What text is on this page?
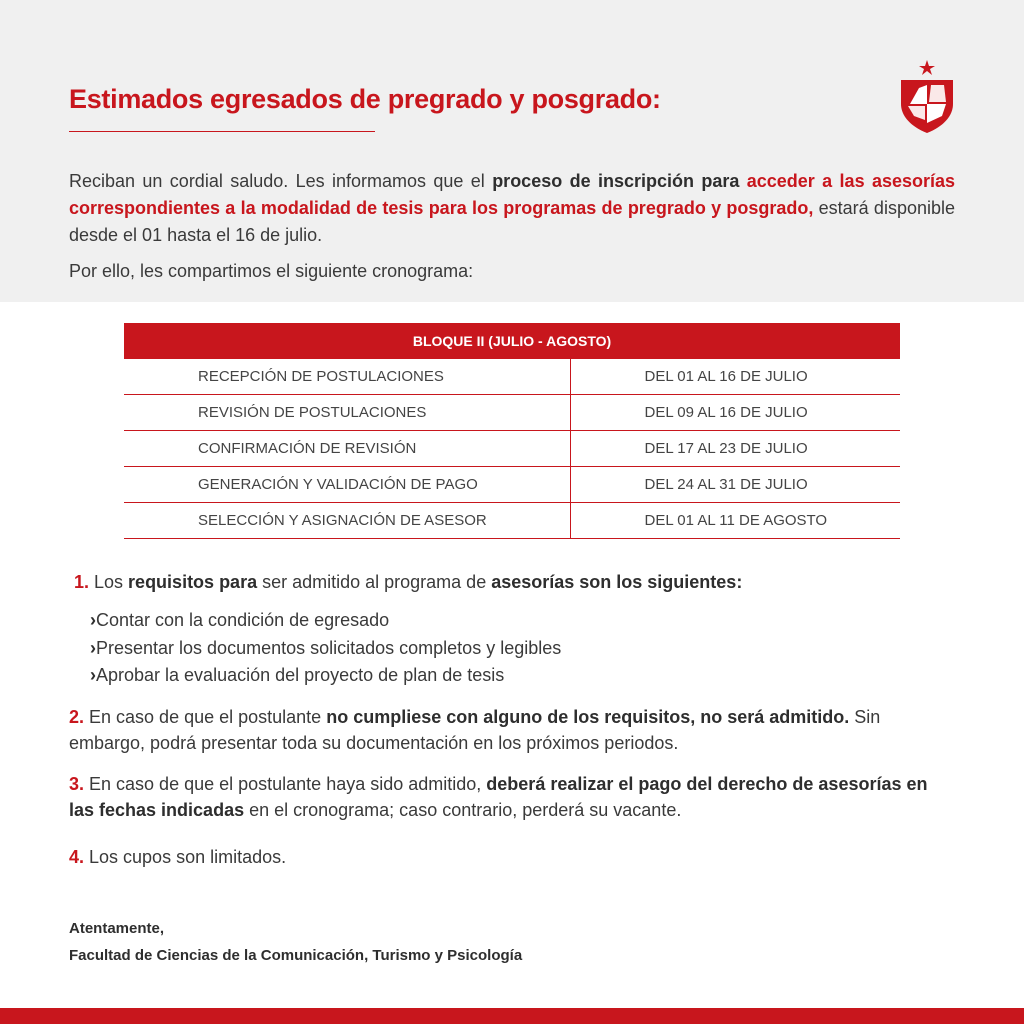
Estimados egresados de pregrado y posgrado:

Reciban un cordial saludo. Les informamos que el proceso de inscripción para acceder a las asesorías correspondientes a la modalidad de tesis para los programas de pregrado y posgrado, estará disponible desde el 01 hasta el 16 de julio.

Por ello, les compartimos el siguiente cronograma:

BLOQUE II (JULIO - AGOSTO)	
RECEPCIÓN DE POSTULACIONES	DEL 01 AL 16 DE JULIO
REVISIÓN DE POSTULACIONES	DEL 09 AL 16 DE JULIO
CONFIRMACIÓN DE REVISIÓN	DEL 17 AL 23 DE JULIO
GENERACIÓN Y VALIDACIÓN DE PAGO	DEL 24 AL 31 DE JULIO
SELECCIÓN Y ASIGNACIÓN DE ASESOR	DEL 01 AL 11 DE AGOSTO

1. Los requisitos para ser admitido al programa de asesorías son los siguientes:

›Contar con la condición de egresado
›Presentar los documentos solicitados completos y legibles
›Aprobar la evaluación del proyecto de plan de tesis

2. En caso de que el postulante no cumpliese con alguno de los requisitos, no será admitido. Sin embargo, podrá presentar toda su documentación en los próximos periodos.

3. En caso de que el postulante haya sido admitido, deberá realizar el pago del derecho de asesorías en las fechas indicadas en el cronograma; caso contrario, perderá su vacante.

4. Los cupos son limitados.

Atentamente,
Facultad de Ciencias de la Comunicación, Turismo y Psicología
